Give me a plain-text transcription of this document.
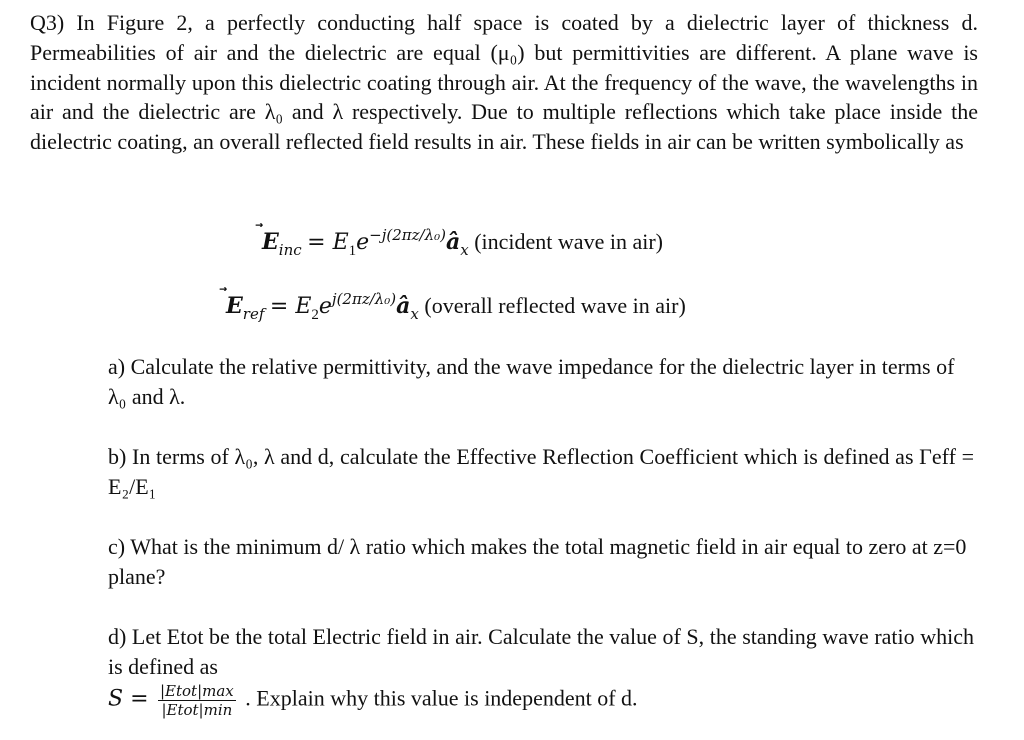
Q3) In Figure 2, a perfectly conducting half space is coated by a dielectric layer of thickness d. Permeabilities of air and the dielectric are equal (μ₀) but permittivities are different. A plane wave is incident normally upon this dielectric coating through air. At the frequency of the wave, the wavelengths in air and the dielectric are λ₀ and λ respectively. Due to multiple reflections which take place inside the dielectric coating, an overall reflected field results in air. These fields in air can be written symbolically as
E
$_{inc} = E_1e^{-j(2\pi z/\lambda_0)}â_x$ (incident wave in air)
E
$_{ref} = E_2e^{j(2\pi z/\lambda_0)}â_x$ (overall reflected wave in air)
a) Calculate the relative permittivity, and the wave impedance for the dielectric layer in terms of λ₀ and λ.
b) In terms of λ₀, λ and d, calculate the Effective Reflection Coefficient which is defined as Γeff = E₂/E₁
c) What is the minimum d/ λ ratio which makes the total magnetic field in air equal to zero at z=0 plane?
d) Let Etot be the total Electric field in air. Calculate the value of S, the standing wave ratio which is defined as
$S = \frac{\text{|Etot|max}}{\text{|Etot|min}}$ . Explain why this value is independent of d.
